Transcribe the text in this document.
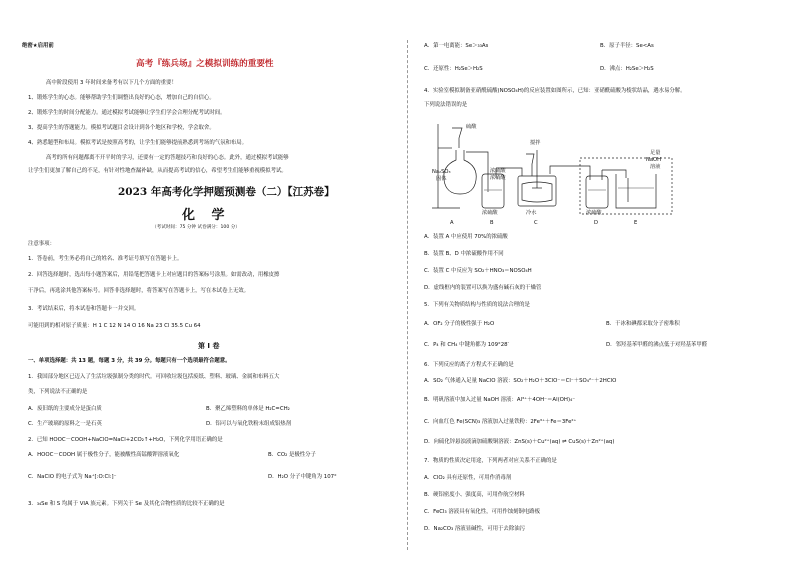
绝密★启用前
高考『练兵场』之模拟训练的重要性
高中阶段使用 3 年时间来备考有以下几个方面的重要！
1、锻炼学生的心态。能够帮助学生们调整出良好的心态，增加自己的自信心。
2、锻炼学生的时间分配能力。通过模拟考试能够让学生们学会合理分配考试时间。
3、提高学生的答题能力。模拟考试题目会设计到各个地区和学校，学会取舍。
4、熟悉题型和布局。模拟考试是按照高考的，让学生们能够提前熟悉到考场的气氛和布局。
高考的所有问题都离不开平时的学习，还要有一定的答题技巧和良好的心态。此外，通过模拟考试能够
让学生们更加了解自己的不足，有针对性地查漏补缺，从而提高考试的信心，希望考生们能够重视模拟考试。
2023 年高考化学押题预测卷（二）【江苏卷】
化 学
（考试时间：75 分钟 试卷满分：100 分）
注意事项：
1．答卷前，考生务必将自己的姓名、准考证号填写在答题卡上。
2．回答选择题时，选出每小题答案后，用铅笔把答题卡上对应题目的答案标号涂黑。如需改动，用橡皮擦
干净后，再选涂其他答案标号。回答非选择题时，将答案写在答题卡上，写在本试卷上无效。
3．考试结束后，将本试卷和答题卡一并交回。
可能用到的相对原子质量：H 1 C 12 N 14 O 16 Na 23 Cl 35.5 Cu 64
第 Ⅰ 卷
一、单项选择题：共 13 题，每题 3 分，共 39 分。每题只有一个选项最符合题意。
1．我国部分地区已迈入了生活垃圾强制分类的时代。可回收垃圾包括废纸、塑料、玻璃、金属和布料五大
类，下列说法不正确的是
A．废旧纸的主要成分是蛋白质	B．聚乙烯塑料的单体是 H₂C=CH₂
C．生产玻璃的原料之一是石英	D．铝可以与氧化铁粉末组成铝热剂
2．已知 HOOC－COOH+NaClO=NaCl+2CO₂↑+H₂O，下列化学用语正确的是
A．HOOC－COOH 属于极性分子，能被酸性高锰酸钾溶液氧化	B．CO₂ 是极性分子
C．NaClO 的电子式为 Na⁺[:O:Cl:]⁻	D．H₂O 分子中键角为 107°
3．₃₄Se 和 S 均属于 VIA 族元素。下列关于 Se 及其化合物性质的比较不正确的是
A．第一电离能：Se＞₃₃As	B．原子半径：Se<As
C．还原性：H₂Se＞H₂S	D．沸点：H₂Se＞H₂S
4．实验室模拟制备亚硝酰硫酸(NOSO₄H)的反应装置如图所示，已知：亚硝酰硫酸为棱状结晶，遇水易分解。
下列说法错误的是
硫酸
Na₂SO₃
固体
浓硫酸
浓硝酸
搅拌
冷水
浓硫酸	浓硫酸
足量
NaOH
溶液
A	B	C	D	E
A．装置 A 中应使用 70%的浓硫酸
B．装置 B、D 中浓硫酸作用不同
C．装置 C 中反应为 SO₂＋HNO₃＝NOSO₄H
D．虚线框内的装置可以换为盛有碱石灰的干燥管
5．下列有关物质结构与性质的说法合理的是
A．OF₂ 分子的极性强于 H₂O	B．干冰和碘都采取分子密堆积
C．P₄ 和 CH₄ 中键角都为 109°28′	D．邻羟基苯甲醛的沸点低于对羟基苯甲醛
6．下列反应的离子方程式不正确的是
A．SO₂ 气体通入足量 NaClO 溶液：SO₂＋H₂O＋3ClO⁻＝Cl⁻＋SO₄²⁻＋2HClO
B．明矾溶液中加入过量 NaOH 溶液：Al³⁺＋4OH⁻＝Al(OH)₄⁻
C．向血红色 Fe(SCN)₃ 溶液加入过量铁粉：2Fe³⁺＋Fe＝3Fe²⁺
D．向硫化锌悬浊液滴加硫酸铜溶液：ZnS(s)＋Cu²⁺(aq) ⇌ CuS(s)＋Zn²⁺(aq)
7．物质的性质决定用途，下列两者对应关系不正确的是
A．ClO₂ 具有还原性，可用作消毒剂
B．硬铝密度小、强度高，可用作航空材料
C．FeCl₃ 溶液具有氧化性，可用作蚀刻铜电路板
D．Na₂CO₃ 溶液显碱性，可用于去除油污
